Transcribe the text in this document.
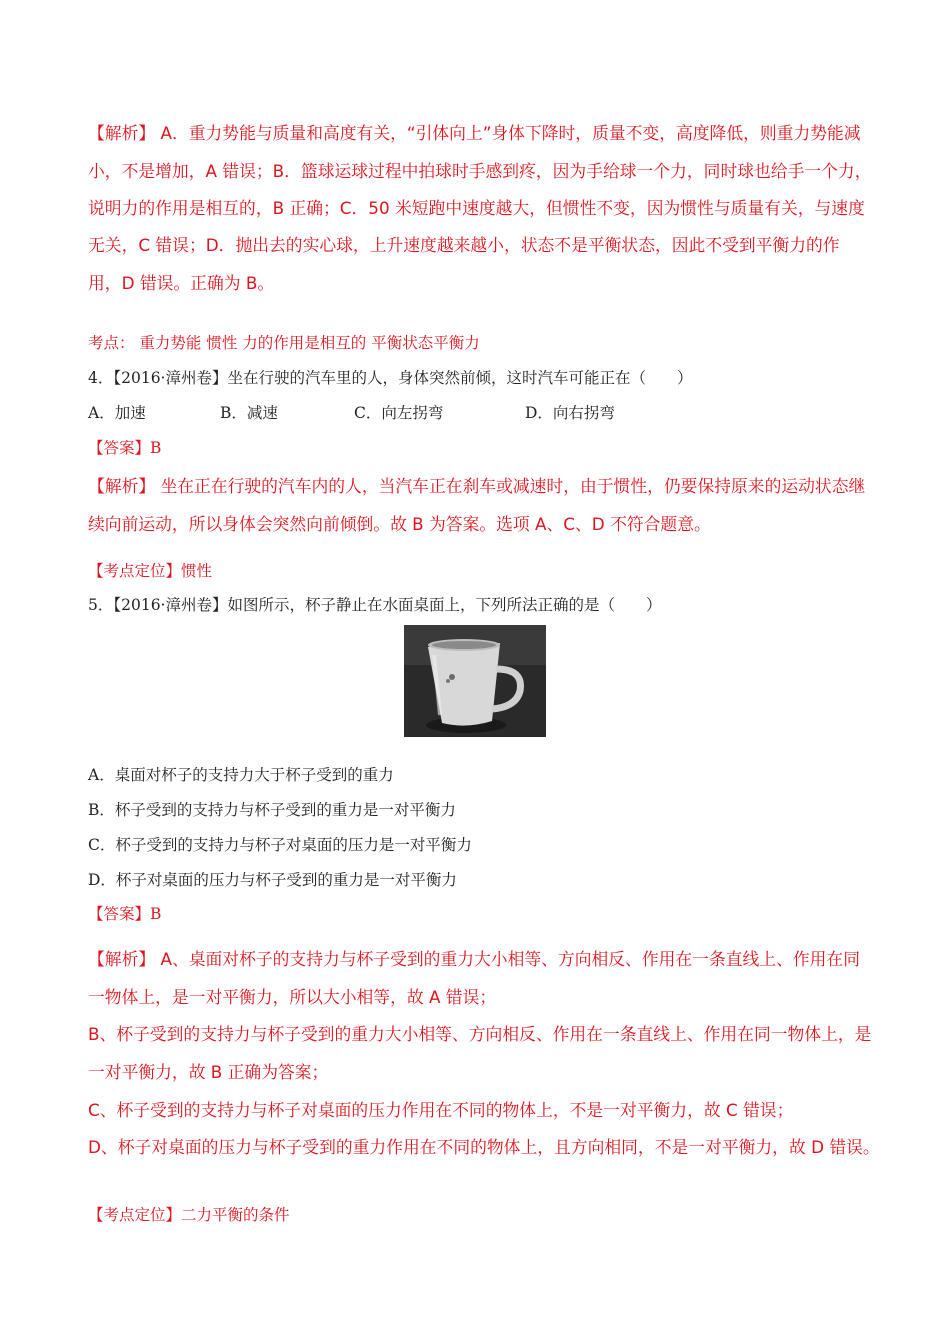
【解析】 A．重力势能与质量和高度有关，“引体向上”身体下降时，质量不变，高度降低，则重力势能减
小，不是增加，A 错误；B．篮球运球过程中拍球时手感到疼，因为手给球一个力，同时球也给手一个力，
说明力的作用是相互的，B 正确；C．50 米短跑中速度越大，但惯性不变，因为惯性与质量有关，与速度
无关，C 错误；D．抛出去的实心球，上升速度越来越小，状态不是平衡状态，因此不受到平衡力的作
用，D 错误。正确为 B。
考点： 重力势能 惯性 力的作用是相互的 平衡状态平衡力
4．【2016·漳州卷】坐在行驶的汽车里的人，身体突然前倾，这时汽车可能正在（　　）
A．加速	B．减速	C．向左拐弯	D．向右拐弯
【答案】B
【解析】 坐在正在行驶的汽车内的人，当汽车正在刹车或减速时，由于惯性，仍要保持原来的运动状态继
续向前运动，所以身体会突然向前倾倒。故 B 为答案。选项 A、C、D 不符合题意。
【考点定位】惯性
5．【2016·漳州卷】如图所示，杯子静止在水面桌面上，下列所法正确的是（　　）
A．桌面对杯子的支持力大于杯子受到的重力
B．杯子受到的支持力与杯子受到的重力是一对平衡力
C．杯子受到的支持力与杯子对桌面的压力是一对平衡力
D．杯子对桌面的压力与杯子受到的重力是一对平衡力
【答案】B
【解析】 A、桌面对杯子的支持力与杯子受到的重力大小相等、方向相反、作用在一条直线上、作用在同
一物体上，是一对平衡力，所以大小相等，故 A 错误；
B、杯子受到的支持力与杯子受到的重力大小相等、方向相反、作用在一条直线上、作用在同一物体上，是
一对平衡力，故 B 正确为答案；
C、杯子受到的支持力与杯子对桌面的压力作用在不同的物体上，不是一对平衡力，故 C 错误；
D、杯子对桌面的压力与杯子受到的重力作用在不同的物体上，且方向相同，不是一对平衡力，故 D 错误。
【考点定位】二力平衡的条件
